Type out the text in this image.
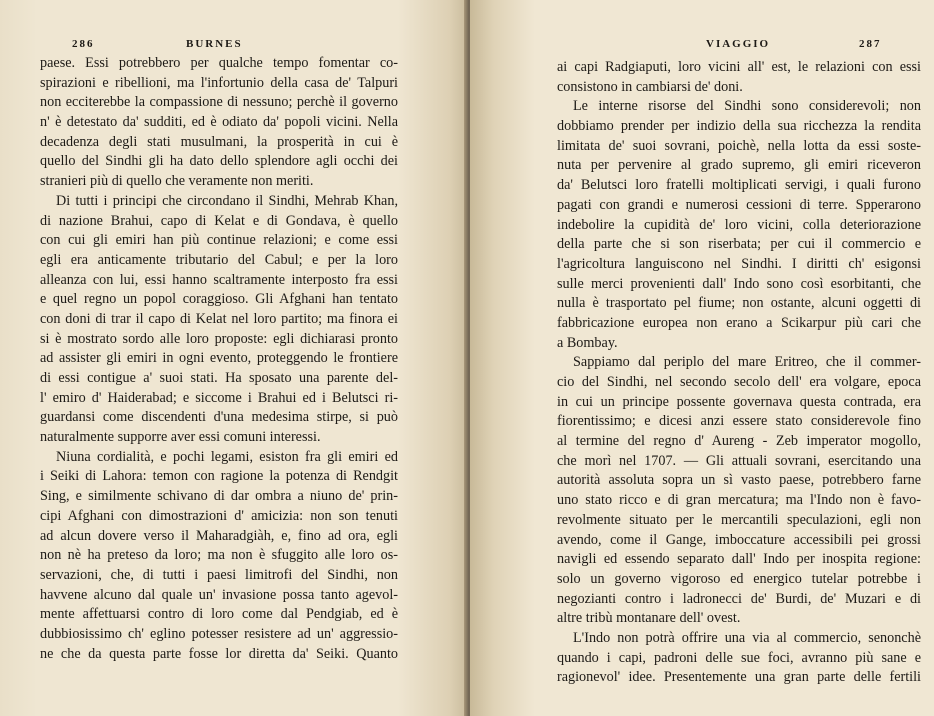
286	BURNES
paese. Essi potrebbero per qualche tempo fomentar co-
spirazioni e ribellioni, ma l'infortunio della casa de' Talpuri
non ecciterebbe la compassione di nessuno; perchè il governo
n' è detestato da' sudditi, ed è odiato da' popoli vicini. Nella
decadenza degli stati musulmani, la prosperità in cui è
quello del Sindhi gli ha dato dello splendore agli occhi dei
stranieri più di quello che veramente non meriti.
Di tutti i principi che circondano il Sindhi, Mehrab Khan,
di nazione Brahui, capo di Kelat e di Gondava, è quello
con cui gli emiri han più continue relazioni; e come essi
egli era anticamente tributario del Cabul; e per la loro
alleanza con lui, essi hanno scaltramente interposto fra essi
e quel regno un popol coraggioso. Gli Afghani han tentato
con doni di trar il capo di Kelat nel loro partito; ma finora ei
si è mostrato sordo alle loro proposte: egli dichiarasi pronto
ad assister gli emiri in ogni evento, proteggendo le frontiere
di essi contigue a' suoi stati. Ha sposato una parente del-
l' emiro d' Haiderabad; e siccome i Brahui ed i Belutsci ri-
guardansi come discendenti d'una medesima stirpe, si può
naturalmente supporre aver essi comuni interessi.
Niuna cordialità, e pochi legami, esiston fra gli emiri ed
i Seiki di Lahora: temon con ragione la potenza di Rendgit
Sing, e similmente schivano di dar ombra a niuno de' prin-
cipi Afghani con dimostrazioni d' amicizia: non son tenuti
ad alcun dovere verso il Maharadgiàh, e, fino ad ora, egli
non nè ha preteso da loro; ma non è sfuggito alle loro os-
servazioni, che, di tutti i paesi limitrofi del Sindhi, non
havvene alcuno dal quale un' invasione possa tanto agevol-
mente affettuarsi contro di loro come dal Pendgiab, ed è
dubbiosissimo ch' eglino potesser resistere ad un' aggressio-
ne che da questa parte fosse lor diretta da' Seiki. Quanto
VIAGGIO	287
ai capi Radgiaputi, loro vicini all' est, le relazioni con essi
consistono in cambiarsi de' doni.
Le interne risorse del Sindhi sono considerevoli; non
dobbiamo prender per indizio della sua ricchezza la rendita
limitata de' suoi sovrani, poichè, nella lotta da essi soste-
nuta per pervenire al grado supremo, gli emiri riceveron
da' Belutsci loro fratelli moltiplicati servigi, i quali furono
pagati con grandi e numerosi cessioni di terre. Spperarono
indebolire la cupidità de' loro vicini, colla deteriorazione
della parte che si son riserbata; per cui il commercio e
l'agricoltura languiscono nel Sindhi. I diritti ch' esigonsi
sulle merci provenienti dall' Indo sono così esorbitanti, che
nulla è trasportato pel fiume; non ostante, alcuni oggetti di
fabbricazione europea non erano a Scikarpur più cari che
a Bombay.
Sappiamo dal periplo del mare Eritreo, che il commer-
cio del Sindhi, nel secondo secolo dell' era volgare, epoca
in cui un principe possente governava questa contrada, era
fiorentissimo; e dicesi anzi essere stato considerevole fino
al termine del regno d' Aureng - Zeb imperator mogollo,
che morì nel 1707. — Gli attuali sovrani, esercitando una
autorità assoluta sopra un sì vasto paese, potrebbero farne
uno stato ricco e di gran mercatura; ma l'Indo non è favo-
revolmente situato per le mercantili speculazioni, egli non
avendo, come il Gange, imboccature accessibili pei grossi
navigli ed essendo separato dall' Indo per inospita regione:
solo un governo vigoroso ed energico tutelar potrebbe i
negozianti contro i ladronecci de' Burdi, de' Muzari e di
altre tribù montanare dell' ovest.
L'Indo non potrà offrire una via al commercio, senonchè
quando i capi, padroni delle sue foci, avranno più sane e
ragionevol' idee. Presentemente una gran parte delle fertili
